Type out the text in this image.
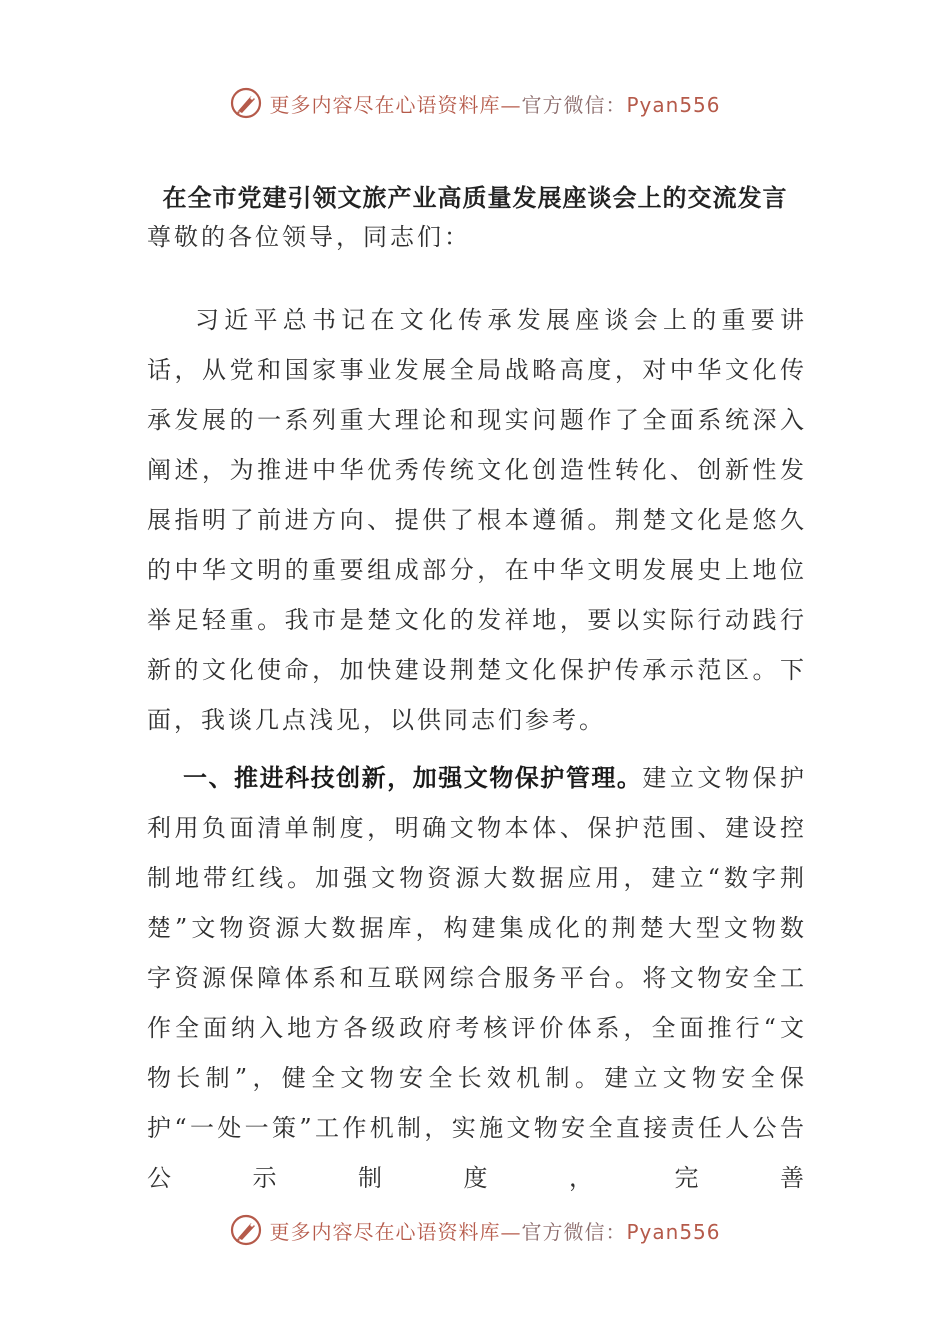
更多内容尽在心语资料库—官方微信：Pyan556
在全市党建引领文旅产业高质量发展座谈会上的交流发言
尊敬的各位领导，同志们：
习近平总书记在文化传承发展座谈会上的重要讲话，从党和国家事业发展全局战略高度，对中华文化传承发展的一系列重大理论和现实问题作了全面系统深入阐述，为推进中华优秀传统文化创造性转化、创新性发展指明了前进方向、提供了根本遵循。荆楚文化是悠久的中华文明的重要组成部分，在中华文明发展史上地位举足轻重。我市是楚文化的发祥地，要以实际行动践行新的文化使命，加快建设荆楚文化保护传承示范区。下面，我谈几点浅见，以供同志们参考。
一、推进科技创新，加强文物保护管理。建立文物保护利用负面清单制度，明确文物本体、保护范围、建设控制地带红线。加强文物资源大数据应用，建立“数字荆楚”文物资源大数据库，构建集成化的荆楚大型文物数字资源保障体系和互联网综合服务平台。将文物安全工作全面纳入地方各级政府考核评价体系，全面推行“文物长制”，健全文物安全长效机制。建立文物安全保护“一处一策”工作机制，实施文物安全直接责任人公告公示制度，完善
更多内容尽在心语资料库—官方微信：Pyan556
